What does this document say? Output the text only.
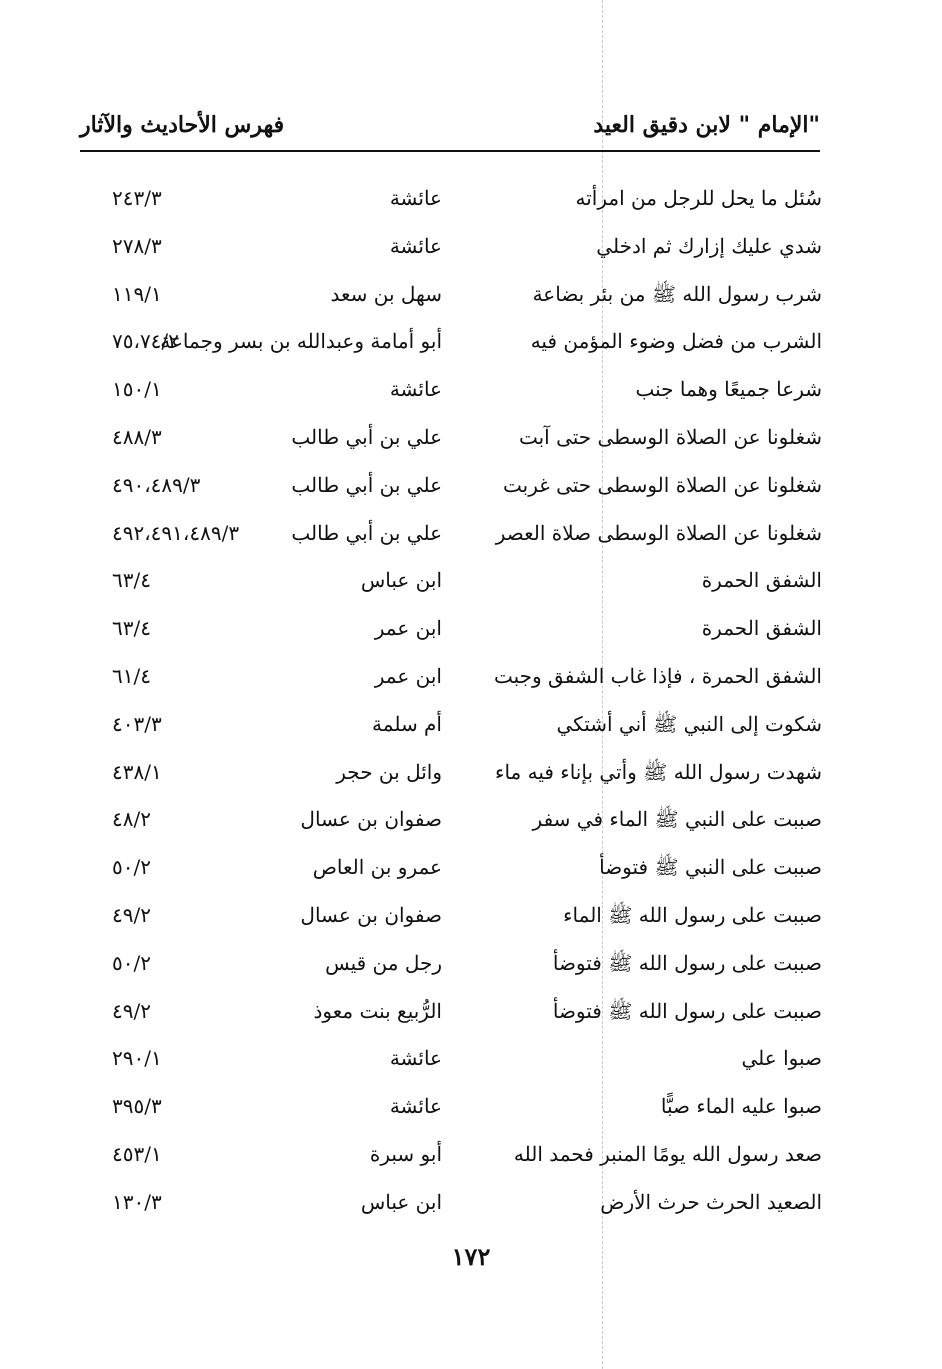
"الإمام " لابن دقيق العيد
فهرس الأحاديث والآثار
سُئل ما يحل للرجل من امرأته
عائشة
٢٤٣/٣
شدي عليك إزارك ثم ادخلي
عائشة
٢٧٨/٣
شرب رسول الله ﷺ من بئر بضاعة
سهل بن سعد
١١٩/١
الشرب من فضل وضوء المؤمن فيه
أبو أمامة وعبدالله بن بسر وجماعة
٧٥،٧٤/٢
شرعا جميعًا وهما جنب
عائشة
١٥٠/١
شغلونا عن الصلاة الوسطى حتى آبت
علي بن أبي طالب
٤٨٨/٣
شغلونا عن الصلاة الوسطى حتى غربت
علي بن أبي طالب
٤٩٠،٤٨٩/٣
شغلونا عن الصلاة الوسطى صلاة العصر
علي بن أبي طالب
٤٩٢،٤٩١،٤٨٩/٣
الشفق الحمرة
ابن عباس
٦٣/٤
الشفق الحمرة
ابن عمر
٦٣/٤
الشفق الحمرة ، فإذا غاب الشفق وجبت
ابن عمر
٦١/٤
شكوت إلى النبي ﷺ أني أشتكي
أم سلمة
٤٠٣/٣
شهدت رسول الله ﷺ وأتي بإناء فيه ماء
وائل بن حجر
٤٣٨/١
صببت على النبي ﷺ الماء في سفر
صفوان بن عسال
٤٨/٢
صببت على النبي ﷺ فتوضأ
عمرو بن العاص
٥٠/٢
صببت على رسول الله ﷺ الماء
صفوان بن عسال
٤٩/٢
صببت على رسول الله ﷺ فتوضأ
رجل من قيس
٥٠/٢
صببت على رسول الله ﷺ فتوضأ
الرُّبيع بنت معوذ
٤٩/٢
صبوا علي
عائشة
٢٩٠/١
صبوا عليه الماء صبًّا
عائشة
٣٩٥/٣
صعد رسول الله يومًا المنبر فحمد الله
أبو سبرة
٤٥٣/١
الصعيد الحرث حرث الأرض
ابن عباس
١٣٠/٣
١٧٢
